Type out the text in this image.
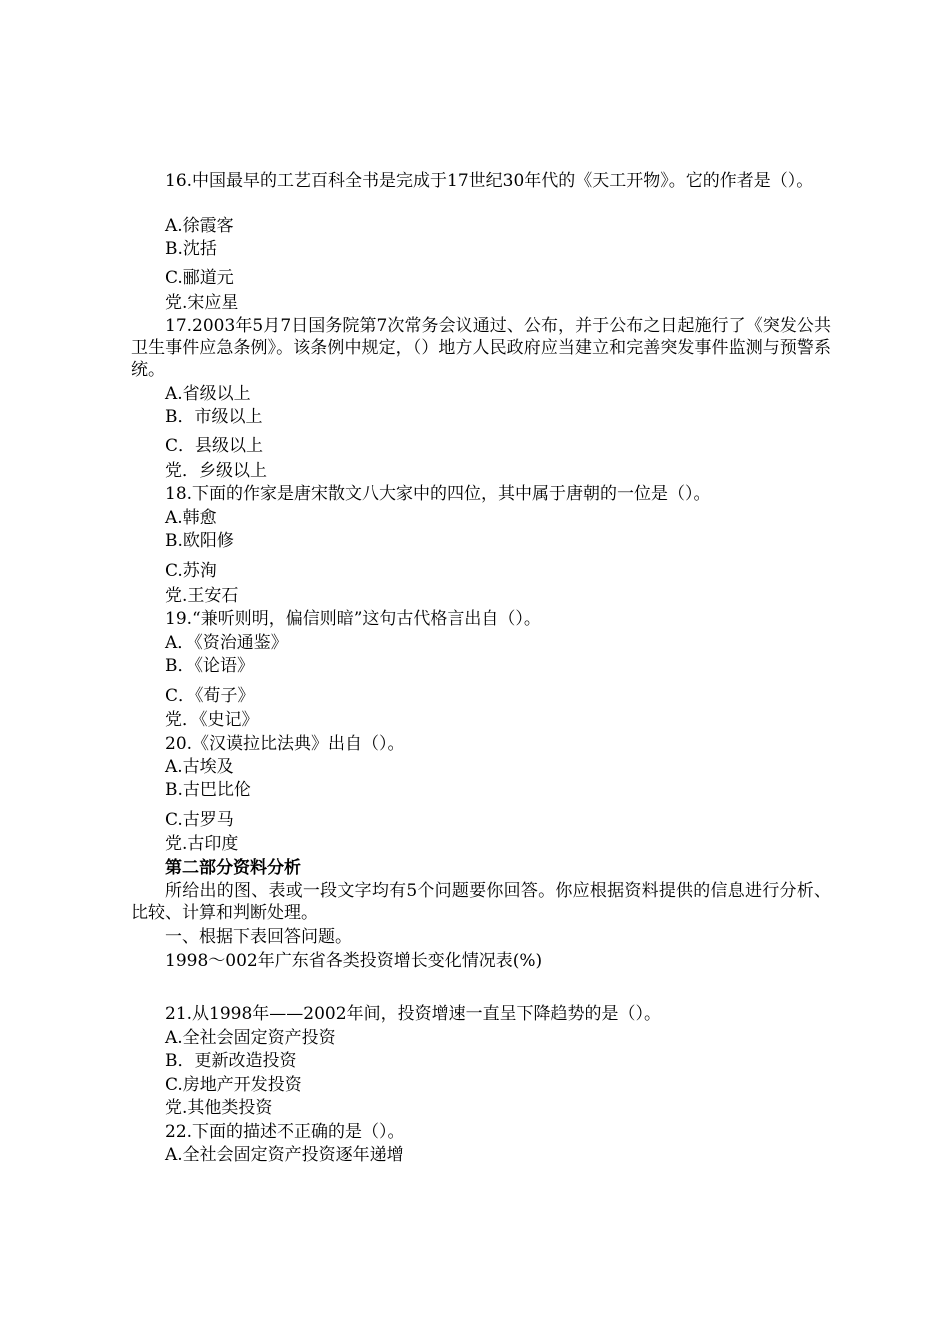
16.中国最早的工艺百科全书是完成于17世纪30年代的《天工开物》。它的作者是（）。
A.徐霞客
B.沈括
C.郦道元
党.宋应星
17.2003年5月7日国务院第7次常务会议通过、公布，并于公布之日起施行了《突发公共卫生事件应急条例》。该条例中规定，（）地方人民政府应当建立和完善突发事件监测与预警系统。
A.省级以上
B．市级以上
C．县级以上
党．乡级以上
18.下面的作家是唐宋散文八大家中的四位，其中属于唐朝的一位是（）。
A.韩愈
B.欧阳修
C.苏洵
党.王安石
19.“兼听则明，偏信则暗”这句古代格言出自（）。
A．《资治通鉴》
B．《论语》
C．《荀子》
党．《史记》
20.《汉谟拉比法典》出自（）。
A.古埃及
B.古巴比伦
C.古罗马
党.古印度
第二部分资料分析
所给出的图、表或一段文字均有5个问题要你回答。你应根据资料提供的信息进行分析、比较、计算和判断处理。
一、根据下表回答问题。
1998～002年广东省各类投资增长变化情况表(%)
21.从1998年——2002年间，投资增速一直呈下降趋势的是（）。
A.全社会固定资产投资
B．更新改造投资
C.房地产开发投资
党.其他类投资
22.下面的描述不正确的是（）。
A.全社会固定资产投资逐年递增
